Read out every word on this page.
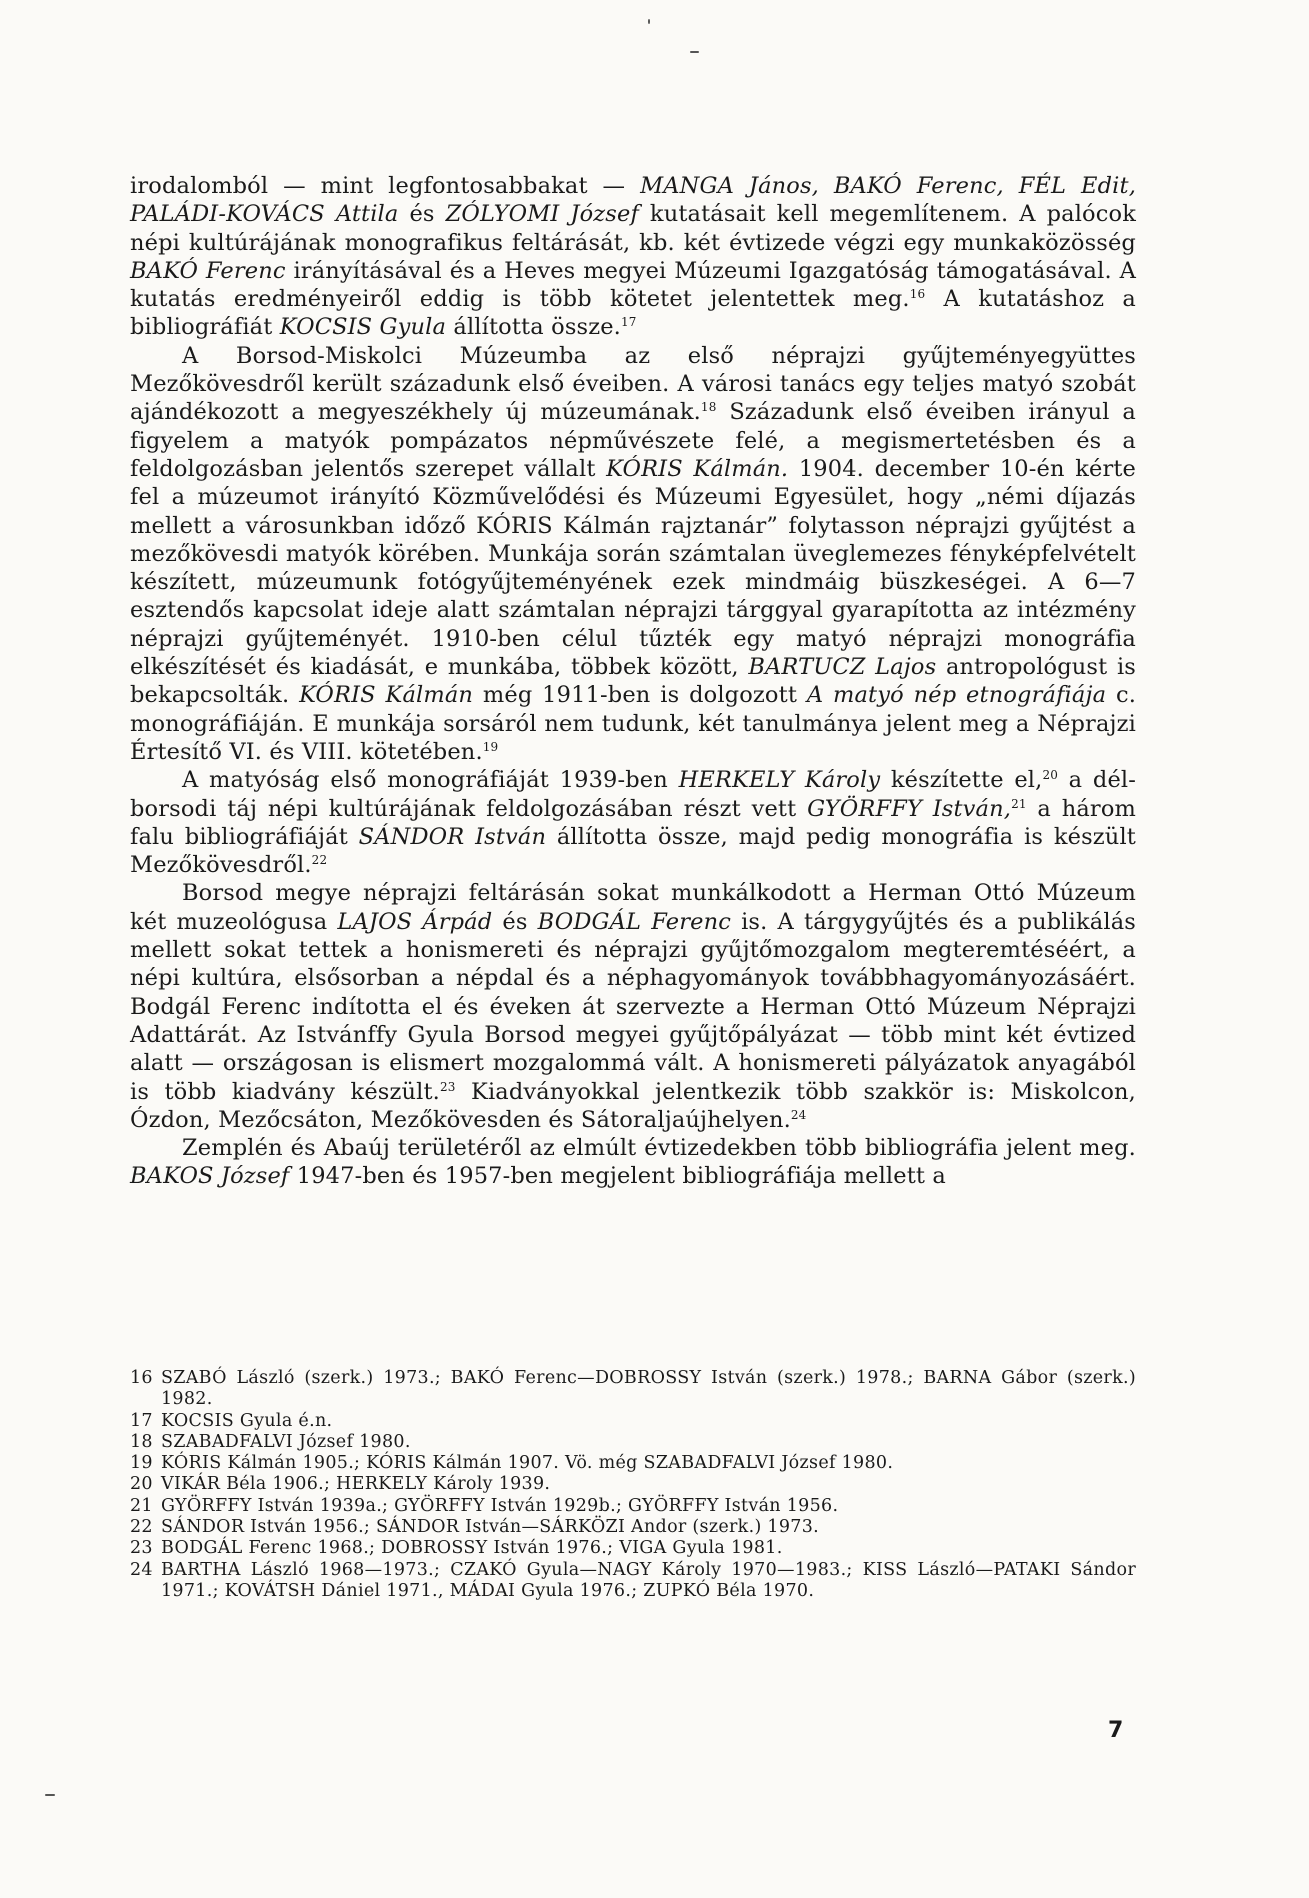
irodalomból — mint legfontosabbakat — MANGA János, BAKÓ Ferenc, FÉL Edit, PALÁDI-KOVÁCS Attila és ZÓLYOMI József kutatásait kell megemlítenem. A palócok népi kultúrájának monografikus feltárását, kb. két évtizede végzi egy munkaközösség BAKÓ Ferenc irányításával és a Heves megyei Múzeumi Igazgatóság támogatásával. A kutatás eredményeiről eddig is több kötetet jelentettek meg.$^{16}$ A kutatáshoz a bibliográfiát KOCSIS Gyula állította össze.$^{17}$

A Borsod-Miskolci Múzeumba az első néprajzi gyűjteményegyüttes Mezőkövesdről került századunk első éveiben. A városi tanács egy teljes matyó szobát ajándékozott a megyeszékhely új múzeumának.$^{18}$ Századunk első éveiben irányul a figyelem a matyók pompázatos népművészete felé, a megismertetésben és a feldolgozásban jelentős szerepet vállalt KÓRIS Kálmán. 1904. december 10-én kérte fel a múzeumot irányító Közművelődési és Múzeumi Egyesület, hogy „némi díjazás mellett a városunkban időző KÓRIS Kálmán rajztanár” folytasson néprajzi gyűjtést a mezőkövesdi matyók körében. Munkája során számtalan üveglemezes fényképfelvételt készített, múzeumunk fotógyűjteményének ezek mindmáig büszkeségei. A 6—7 esztendős kapcsolat ideje alatt számtalan néprajzi tárggyal gyarapította az intézmény néprajzi gyűjteményét. 1910-ben célul tűzték egy matyó néprajzi monográfia elkészítését és kiadását, e munkába, többek között, BARTUCZ Lajos antropológust is bekapcsolták. KÓRIS Kálmán még 1911-ben is dolgozott A matyó nép etnográfiája c. monográfiáján. E munkája sorsáról nem tudunk, két tanulmánya jelent meg a Néprajzi Értesítő VI. és VIII. kötetében.$^{19}$

A matyóság első monográfiáját 1939-ben HERKELY Károly készítette el,$^{20}$ a dél-borsodi táj népi kultúrájának feldolgozásában részt vett GYÖRFFY István,$^{21}$ a három falu bibliográfiáját SÁNDOR István állította össze, majd pedig monográfia is készült Mezőkövesdről.$^{22}$

Borsod megye néprajzi feltárásán sokat munkálkodott a Herman Ottó Múzeum két muzeológusa LAJOS Árpád és BODGÁL Ferenc is. A tárgygyűjtés és a publikálás mellett sokat tettek a honismereti és néprajzi gyűjtőmozgalom megteremtéséért, a népi kultúra, elsősorban a népdal és a néphagyományok továbbhagyományozásáért. Bodgál Ferenc indította el és éveken át szervezte a Herman Ottó Múzeum Néprajzi Adattárát. Az Istvánffy Gyula Borsod megyei gyűjtőpályázat — több mint két évtized alatt — országosan is elismert mozgalommá vált. A honismereti pályázatok anyagából is több kiadvány készült.$^{23}$ Kiadványokkal jelentkezik több szakkör is: Miskolcon, Ózdon, Mezőcsáton, Mezőkövesden és Sátoraljaújhelyen.$^{24}$

Zemplén és Abaúj területéről az elmúlt évtizedekben több bibliográfia jelent meg. BAKOS József 1947-ben és 1957-ben megjelent bibliográfiája mellett a

16 SZABÓ László (szerk.) 1973.; BAKÓ Ferenc—DOBROSSY István (szerk.) 1978.; BARNA Gábor (szerk.) 1982.
17 KOCSIS Gyula é.n.
18 SZABADFALVI József 1980.
19 KÓRIS Kálmán 1905.; KÓRIS Kálmán 1907. Vö. még SZABADFALVI József 1980.
20 VIKÁR Béla 1906.; HERKELY Károly 1939.
21 GYÖRFFY István 1939a.; GYÖRFFY István 1929b.; GYÖRFFY István 1956.
22 SÁNDOR István 1956.; SÁNDOR István—SÁRKÖZI Andor (szerk.) 1973.
23 BODGÁL Ferenc 1968.; DOBROSSY István 1976.; VIGA Gyula 1981.
24 BARTHA László 1968—1973.; CZAKÓ Gyula—NAGY Károly 1970—1983.; KISS László—PATAKI Sándor 1971.; KOVÁTSH Dániel 1971., MÁDAI Gyula 1976.; ZUPKÓ Béla 1970.
7
